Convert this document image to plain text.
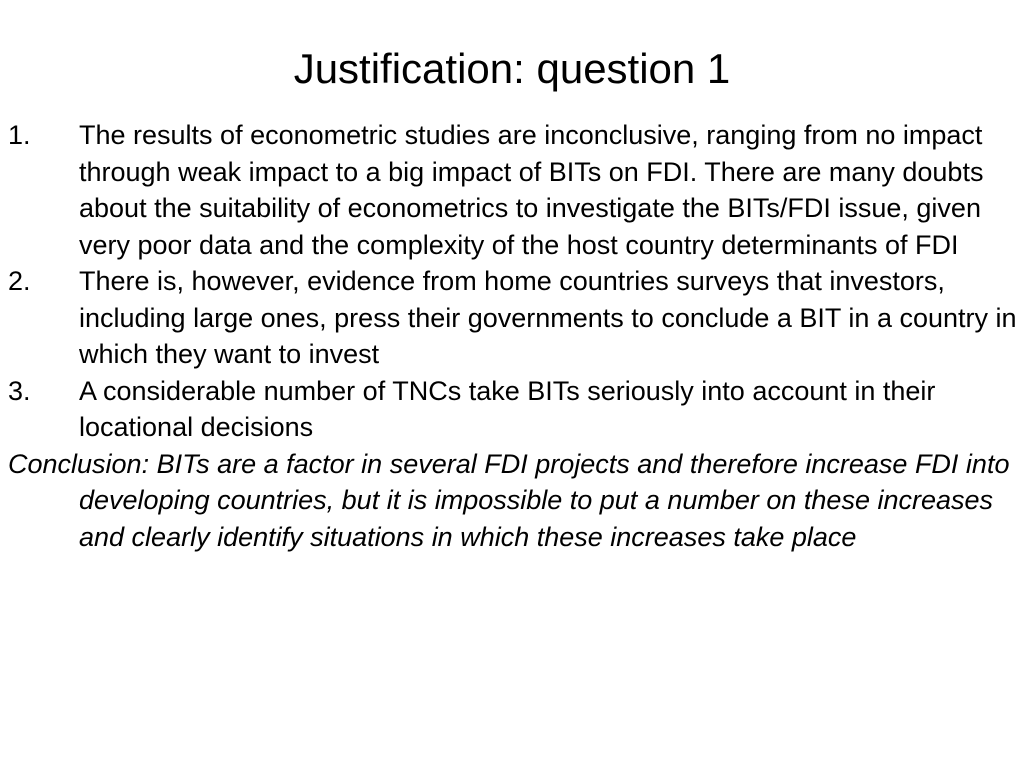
Justification: question 1
1. The results of econometric studies are inconclusive, ranging from no impact through weak impact to a big impact of BITs on FDI. There are many doubts about the suitability of econometrics to investigate the BITs/FDI issue, given very poor data and the complexity of the host country determinants of FDI
2. There is, however, evidence from home countries surveys that investors, including large ones, press their governments to conclude a BIT in a country in which they want to invest
3. A considerable number of TNCs take BITs seriously into account in their locational decisions
Conclusion: BITs are a factor in several FDI projects and therefore increase FDI into developing countries, but it is impossible to put a number on these increases and clearly identify situations in which these increases take place
